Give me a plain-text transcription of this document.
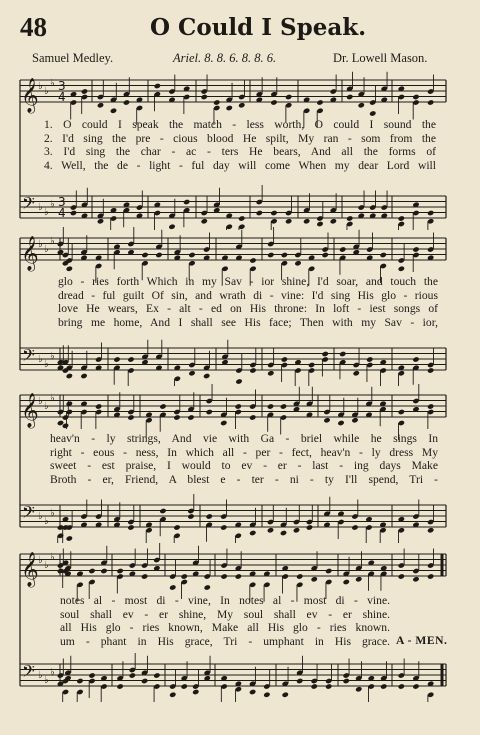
48	O Could I Speak.
Samuel Medley.	Ariel. 8. 8. 6. 8. 8. 6.	Dr. Lowell Mason.
𝄞
𝄢
♭ ♭
♭
♭ ♭
♭
3
4
3
4
𝄞
𝄢
♭ ♭
♭
♭ ♭
♭
𝄞
𝄢
♭ ♭
♭
♭ ♭
♭
𝄞
𝄢
♭ ♭
♭
♭ ♭
♭
1. O could I speak the match - less worth, O could I sound the
2. I'd sing the pre - cious blood He spilt, My ran - som from the
3. I'd sing the char - ac - ters He bears, And all the forms of
4. Well, the de - light - ful day will come When my dear Lord will
glo - ries forth Which in my Sav - ior shine, I'd soar, and touch the
dread - ful guilt Of sin, and wrath di - vine: I'd sing His glo - rious
love He wears, Ex - alt - ed on His throne: In loft - iest songs of
bring me home, And I shall see His face; Then with my Sav - ior,
heav'n - ly strings, And vie with Ga - briel while he sings In
right - eous - ness, In which all - per - fect, heav'n - ly dress My
sweet - est praise, I would to ev - er - last - ing days Make
Broth - er, Friend, A blest e - ter - ni - ty I'll spend, Tri -
notes al - most di - vine, In notes al - most di - vine.
soul shall ev - er shine, My soul shall ev - er shine.
all His glo - ries known, Make all His glo - ries known.
um - phant in His grace, Tri - umphant in His grace. A - MEN.
